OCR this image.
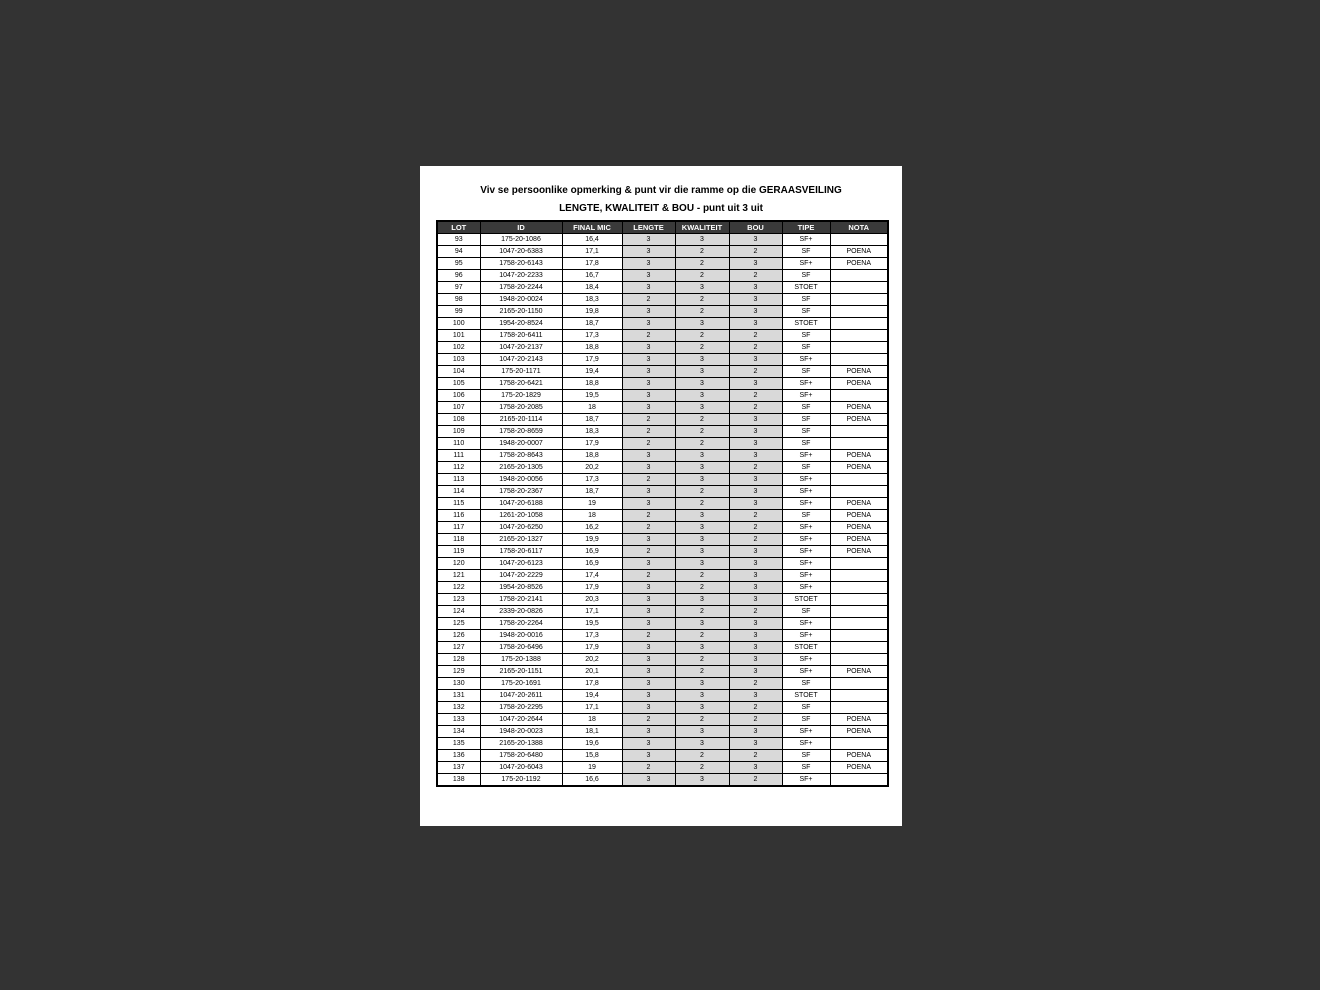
Viv se persoonlike opmerking & punt vir die ramme op die GERAASVEILING
LENGTE, KWALITEIT & BOU - punt uit 3 uit
LOT	ID	FINAL MIC	LENGTE	KWALITEIT	BOU	TIPE	NOTA
93	175-20-1086	16,4	3	3	3	SF+	
94	1047-20-6383	17,1	3	2	2	SF	POENA
95	1758-20-6143	17,8	3	2	3	SF+	POENA
96	1047-20-2233	16,7	3	2	2	SF	
97	1758-20-2244	18,4	3	3	3	STOET	
98	1948-20-0024	18,3	2	2	3	SF	
99	2165-20-1150	19,8	3	2	3	SF	
100	1954-20-8524	18,7	3	3	3	STOET	
101	1758-20-6411	17,3	2	2	2	SF	
102	1047-20-2137	18,8	3	2	2	SF	
103	1047-20-2143	17,9	3	3	3	SF+	
104	175-20-1171	19,4	3	3	2	SF	POENA
105	1758-20-6421	18,8	3	3	3	SF+	POENA
106	175-20-1829	19,5	3	3	2	SF+	
107	1758-20-2085	18	3	3	2	SF	POENA
108	2165-20-1114	18,7	2	2	3	SF	POENA
109	1758-20-8659	18,3	2	2	3	SF	
110	1948-20-0007	17,9	2	2	3	SF	
111	1758-20-8643	18,8	3	3	3	SF+	POENA
112	2165-20-1305	20,2	3	3	2	SF	POENA
113	1948-20-0056	17,3	2	3	3	SF+	
114	1758-20-2367	18,7	3	2	3	SF+	
115	1047-20-6188	19	3	2	3	SF+	POENA
116	1261-20-1058	18	2	3	2	SF	POENA
117	1047-20-6250	16,2	2	3	2	SF+	POENA
118	2165-20-1327	19,9	3	3	2	SF+	POENA
119	1758-20-6117	16,9	2	3	3	SF+	POENA
120	1047-20-6123	16,9	3	3	3	SF+	
121	1047-20-2229	17,4	2	2	3	SF+	
122	1954-20-8526	17,9	3	2	3	SF+	
123	1758-20-2141	20,3	3	3	3	STOET	
124	2339-20-0826	17,1	3	2	2	SF	
125	1758-20-2264	19,5	3	3	3	SF+	
126	1948-20-0016	17,3	2	2	3	SF+	
127	1758-20-6496	17,9	3	3	3	STOET	
128	175-20-1388	20,2	3	2	3	SF+	
129	2165-20-1151	20,1	3	2	3	SF+	POENA
130	175-20-1691	17,8	3	3	2	SF	
131	1047-20-2611	19,4	3	3	3	STOET	
132	1758-20-2295	17,1	3	3	2	SF	
133	1047-20-2644	18	2	2	2	SF	POENA
134	1948-20-0023	18,1	3	3	3	SF+	POENA
135	2165-20-1388	19,6	3	3	3	SF+	
136	1758-20-6480	15,8	3	2	2	SF	POENA
137	1047-20-6043	19	2	2	3	SF	POENA
138	175-20-1192	16,6	3	3	2	SF+	
